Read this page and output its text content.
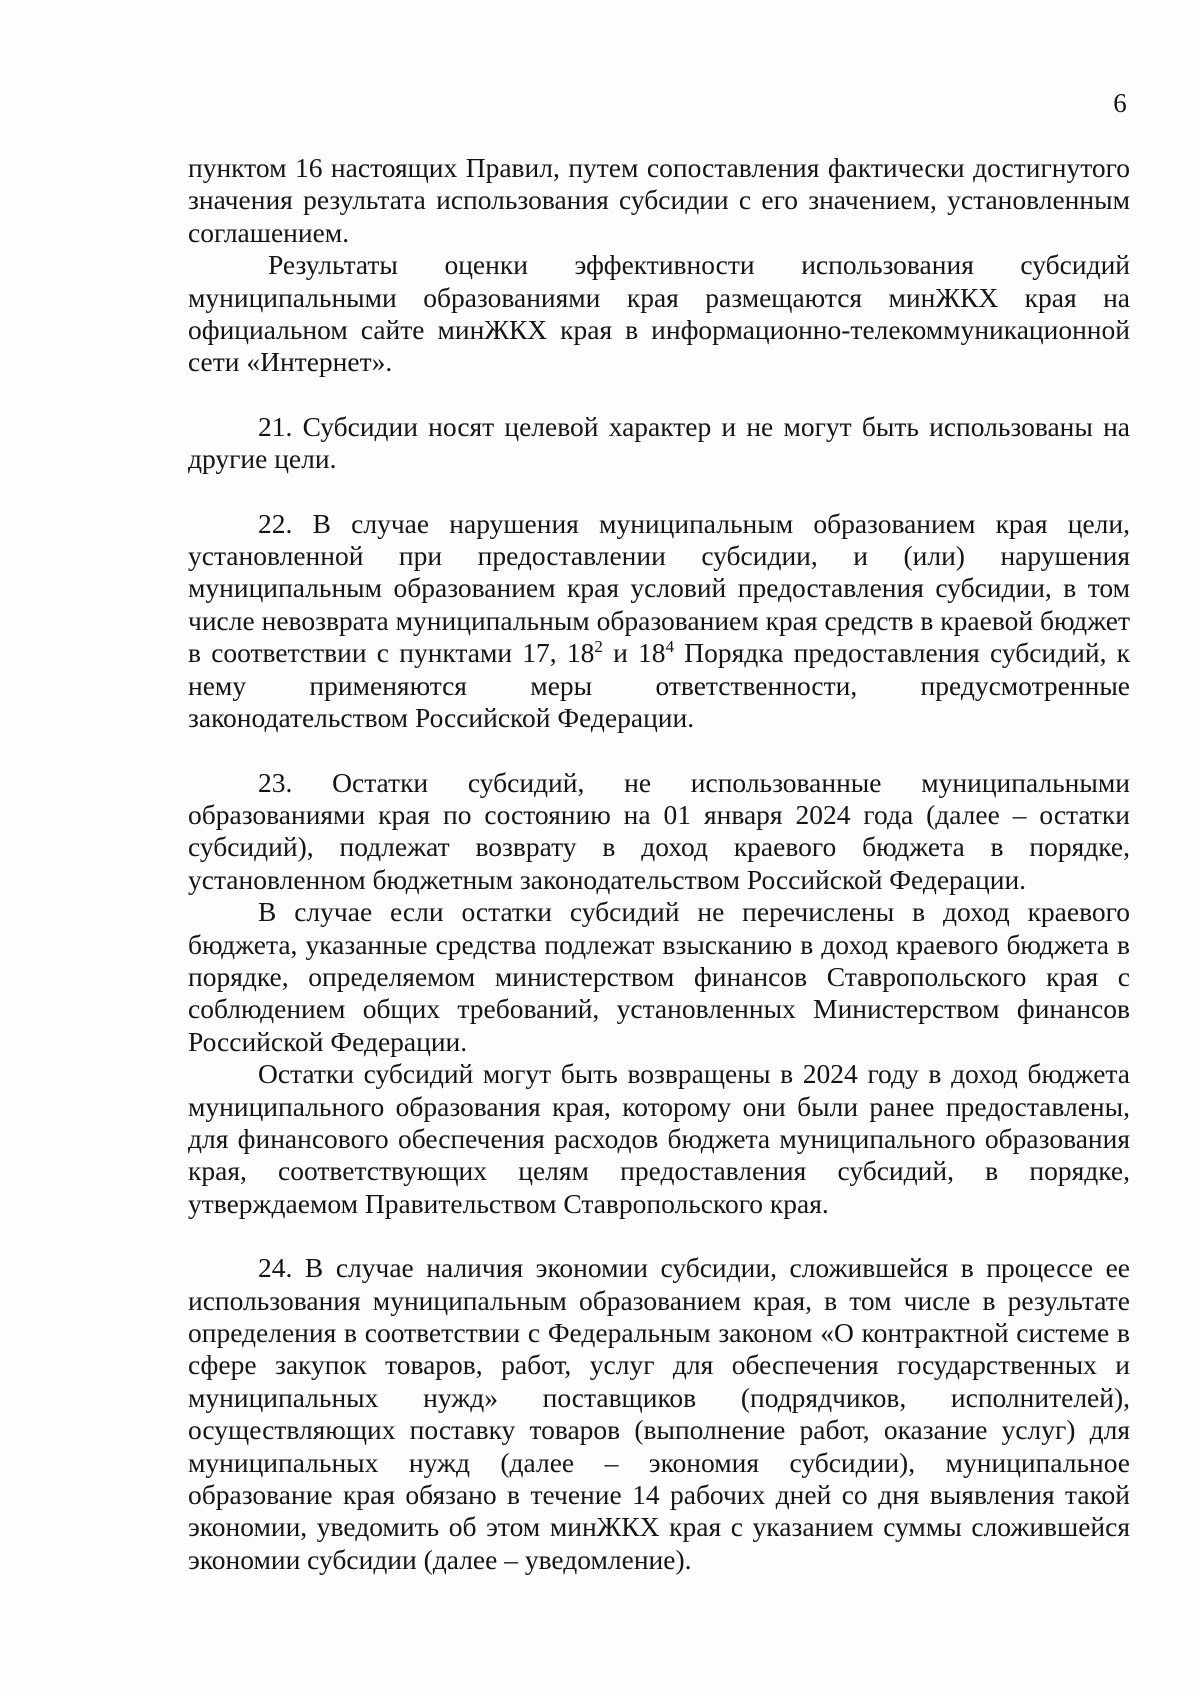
6

пунктом 16 настоящих Правил, путем сопоставления фактически достигнутого значения результата использования субсидии с его значением, установленным соглашением.

Результаты оценки эффективности использования субсидий муниципальными образованиями края размещаются минЖКХ края на официальном сайте минЖКХ края в информационно-телекоммуникационной сети «Интернет».

21. Субсидии носят целевой характер и не могут быть использованы на другие цели.

22. В случае нарушения муниципальным образованием края цели, установленной при предоставлении субсидии, и (или) нарушения муниципальным образованием края условий предоставления субсидии, в том числе невозврата муниципальным образованием края средств в краевой бюджет в соответствии с пунктами 17, $18^2$ и $18^4$ Порядка предоставления субсидий, к нему применяются меры ответственности, предусмотренные законодательством Российской Федерации.

23. Остатки субсидий, не использованные муниципальными образованиями края по состоянию на 01 января 2024 года (далее – остатки субсидий), подлежат возврату в доход краевого бюджета в порядке, установленном бюджетным законодательством Российской Федерации.

В случае если остатки субсидий не перечислены в доход краевого бюджета, указанные средства подлежат взысканию в доход краевого бюджета в порядке, определяемом министерством финансов Ставропольского края с соблюдением общих требований, установленных Министерством финансов Российской Федерации.

Остатки субсидий могут быть возвращены в 2024 году в доход бюджета муниципального образования края, которому они были ранее предоставлены, для финансового обеспечения расходов бюджета муниципального образования края, соответствующих целям предоставления субсидий, в порядке, утверждаемом Правительством Ставропольского края.

24. В случае наличия экономии субсидии, сложившейся в процессе ее использования муниципальным образованием края, в том числе в результате определения в соответствии с Федеральным законом «О контрактной системе в сфере закупок товаров, работ, услуг для обеспечения государственных и муниципальных нужд» поставщиков (подрядчиков, исполнителей), осуществляющих поставку товаров (выполнение работ, оказание услуг) для муниципальных нужд (далее – экономия субсидии), муниципальное образование края обязано в течение 14 рабочих дней со дня выявления такой экономии, уведомить об этом минЖКХ края с указанием суммы сложившейся экономии субсидии (далее – уведомление).
